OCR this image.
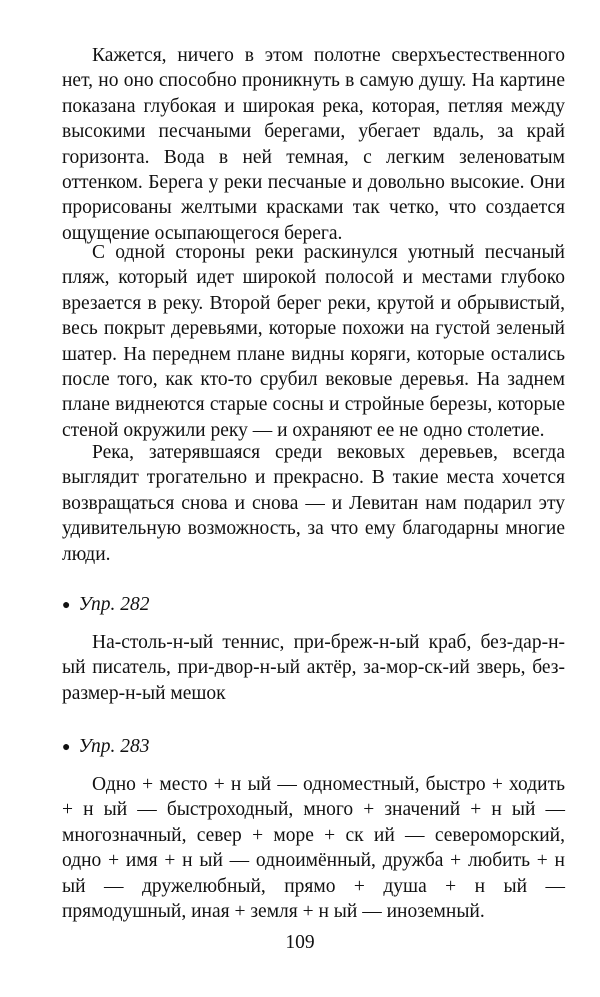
Кажется, ничего в этом полотне сверхъестественного нет, но оно способно проникнуть в самую душу. На картине показана глубокая и широкая река, которая, петляя между высокими песчаными берегами, убегает вдаль, за край горизонта. Вода в ней темная, с легким зеленоватым оттенком. Берега у реки песчаные и довольно высокие. Они прорисованы желтыми красками так четко, что создается ощущение осыпающегося берега.

С одной стороны реки раскинулся уютный песчаный пляж, который идет широкой полосой и местами глубоко врезается в реку. Второй берег реки, крутой и обрывистый, весь покрыт деревьями, которые похожи на густой зеленый шатер. На переднем плане видны коряги, которые остались после того, как кто-то срубил вековые деревья. На заднем плане виднеются старые сосны и стройные березы, которые стеной окружили реку — и охраняют ее не одно столетие.

Река, затерявшаяся среди вековых деревьев, всегда выглядит трогательно и прекрасно. В такие места хочется возвращаться снова и снова — и Левитан нам подарил эту удивительную возможность, за что ему благодарны многие люди.

● Упр. 282

На-столь-н-ый теннис, при-бреж-н-ый краб, без-дар-н-ый писатель, при-двор-н-ый актёр, за-мор-ск-ий зверь, без-размер-н-ый мешок

● Упр. 283

Одно + место + н ый — одноместный, быстро + ходить + н ый — быстроходный, много + значений + н ый — многозначный, север + море + ск ий — североморский, одно + имя + н ый — одноимённый, дружба + любить + н ый — дружелюбный, прямо + душа + н ый — прямодушный, иная + земля + н ый — иноземный.

109
